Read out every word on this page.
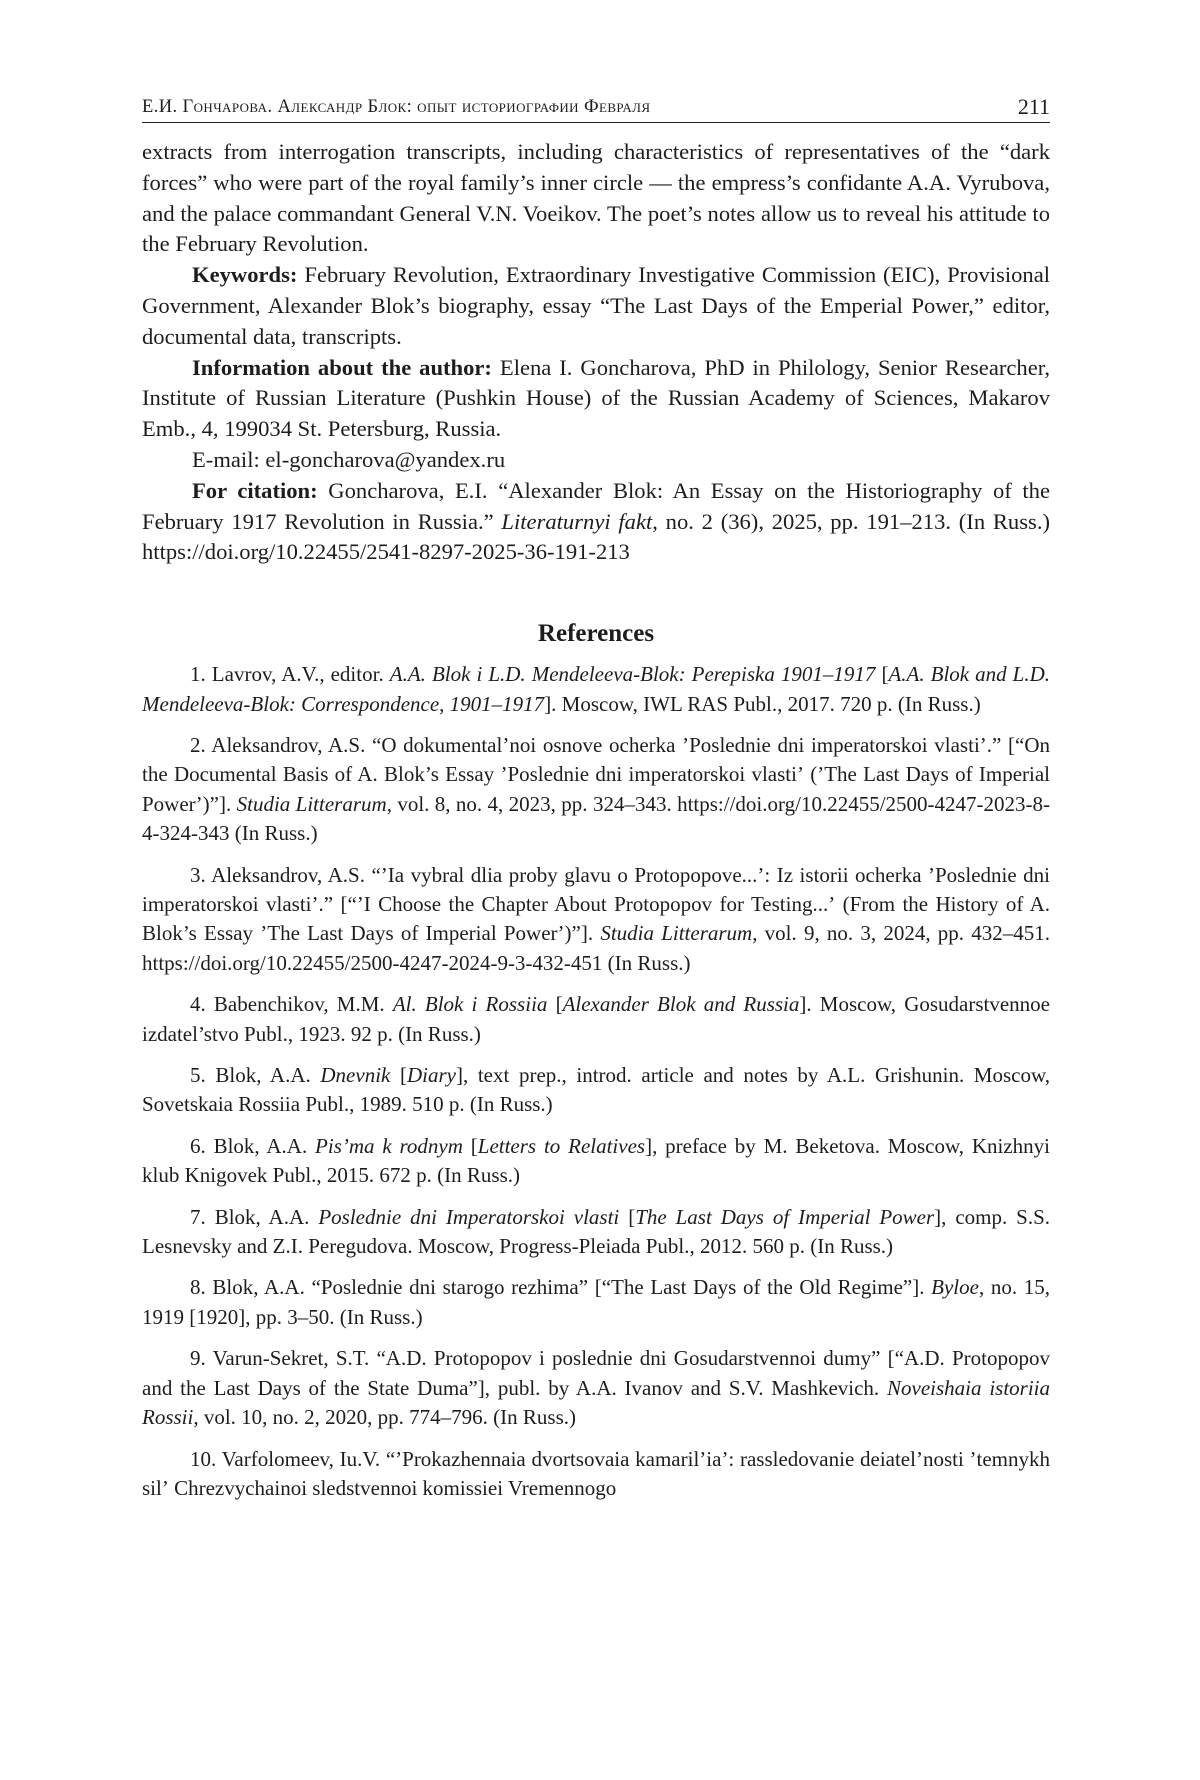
Е.И. Гончарова. Александр Блок: опыт историографии Февраля	211

extracts from interrogation transcripts, including characteristics of representatives of the “dark forces” who were part of the royal family’s inner circle — the empress’s confidante A.A. Vyrubova, and the palace commandant General V.N. Voeikov. The poet’s notes allow us to reveal his attitude to the February Revolution.

Keywords: February Revolution, Extraordinary Investigative Commission (EIC), Provisional Government, Alexander Blok’s biography, essay “The Last Days of the Emperial Power,” editor, documental data, transcripts.

Information about the author: Elena I. Goncharova, PhD in Philology, Senior Researcher, Institute of Russian Literature (Pushkin House) of the Russian Academy of Sciences, Makarov Emb., 4, 199034 St. Petersburg, Russia.

E-mail: el-goncharova@yandex.ru

For citation: Goncharova, E.I. “Alexander Blok: An Essay on the Historiography of the February 1917 Revolution in Russia.” Literaturnyi fakt, no. 2 (36), 2025, pp. 191–213. (In Russ.) https://doi.org/10.22455/2541-8297-2025-36-191-213

References

1. Lavrov, A.V., editor. A.A. Blok i L.D. Mendeleeva-Blok: Perepiska 1901–1917 [A.A. Blok and L.D. Mendeleeva-Blok: Correspondence, 1901–1917]. Moscow, IWL RAS Publ., 2017. 720 p. (In Russ.)

2. Aleksandrov, A.S. “O dokumental’noi osnove ocherka ʼPoslednie dni imperatorskoi vlastiʼ.” [“On the Documental Basis of A. Blok’s Essay ʼPoslednie dni imperatorskoi vlastiʼ (ʼThe Last Days of Imperial Powerʼ)”]. Studia Litterarum, vol. 8, no. 4, 2023, pp. 324–343. https://doi.org/10.22455/2500-4247-2023-8-4-324-343 (In Russ.)

3. Aleksandrov, A.S. “ʼIa vybral dlia proby glavu o Protopopove...ʼ: Iz istorii ocherka ʼPoslednie dni imperatorskoi vlastiʼ.” [“ʼI Choose the Chapter About Protopopov for Testing...ʼ (From the History of A. Blok’s Essay ʼThe Last Days of Imperial Powerʼ)”]. Studia Litterarum, vol. 9, no. 3, 2024, pp. 432–451. https://doi.org/10.22455/2500-4247-2024-9-3-432-451 (In Russ.)

4. Babenchikov, M.M. Al. Blok i Rossiia [Alexander Blok and Russia]. Moscow, Gosudarstvennoe izdatel’stvo Publ., 1923. 92 p. (In Russ.)

5. Blok, A.A. Dnevnik [Diary], text prep., introd. article and notes by A.L. Grishunin. Moscow, Sovetskaia Rossiia Publ., 1989. 510 p. (In Russ.)

6. Blok, A.A. Pis’ma k rodnym [Letters to Relatives], preface by M. Beketova. Moscow, Knizhnyi klub Knigovek Publ., 2015. 672 p. (In Russ.)

7. Blok, A.A. Poslednie dni Imperatorskoi vlasti [The Last Days of Imperial Power], comp. S.S. Lesnevsky and Z.I. Peregudova. Moscow, Progress-Pleiada Publ., 2012. 560 p. (In Russ.)

8. Blok, A.A. “Poslednie dni starogo rezhima” [“The Last Days of the Old Regime”]. Byloe, no. 15, 1919 [1920], pp. 3–50. (In Russ.)

9. Varun-Sekret, S.T. “A.D. Protopopov i poslednie dni Gosudarstvennoi dumy” [“A.D. Protopopov and the Last Days of the State Duma”], publ. by A.A. Ivanov and S.V. Mashkevich. Noveishaia istoriia Rossii, vol. 10, no. 2, 2020, pp. 774–796. (In Russ.)

10. Varfolomeev, Iu.V. “ʼProkazhennaia dvortsovaia kamaril’iaʼ: rassledovanie deiatel’nosti ʼtemnykh silʼ Chrezvychainoi sledstvennoi komissiei Vremennogo
